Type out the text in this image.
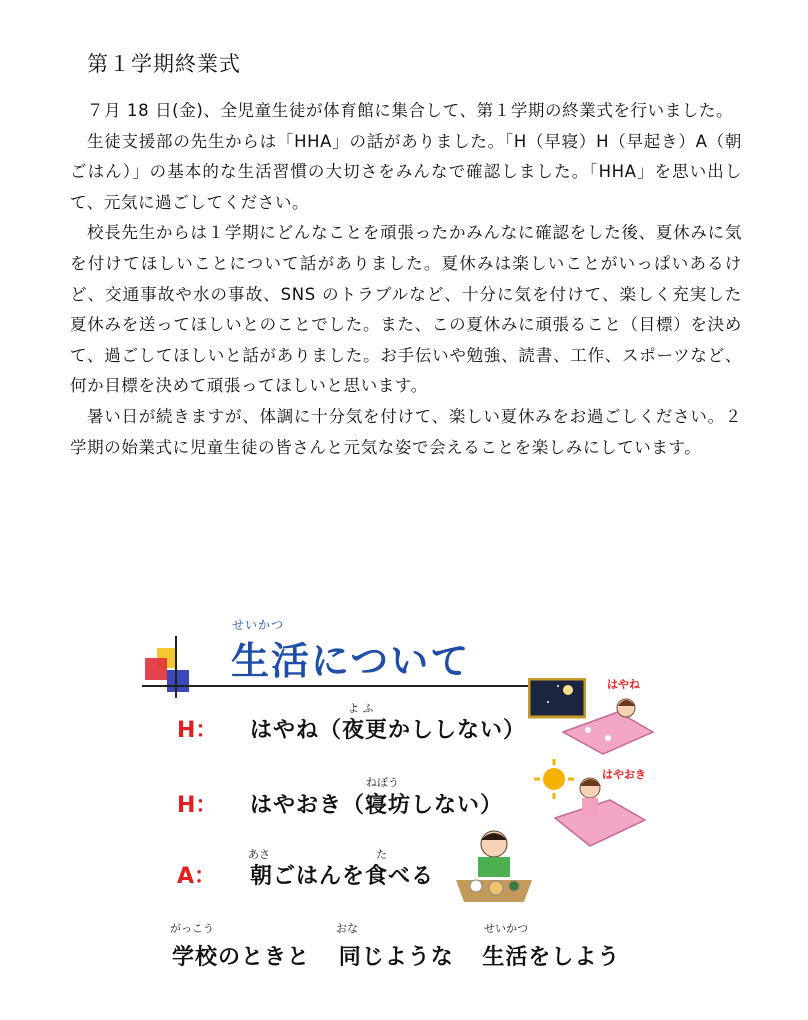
第１学期終業式

７月 18 日(金)、全児童生徒が体育館に集合して、第１学期の終業式を行いました。

生徒支援部の先生からは「HHA」の話がありました。「H（早寝）H（早起き）A（朝ごはん）」の基本的な生活習慣の大切さをみんなで確認しました。「HHA」を思い出して、元気に過ごしてください。

校長先生からは１学期にどんなことを頑張ったかみんなに確認をした後、夏休みに気を付けてほしいことについて話がありました。夏休みは楽しいことがいっぱいあるけど、交通事故や水の事故、SNS のトラブルなど、十分に気を付けて、楽しく充実した夏休みを送ってほしいとのことでした。また、この夏休みに頑張ること（目標）を決めて、過ごしてほしいと話がありました。お手伝いや勉強、読書、工作、スポーツなど、何か目標を決めて頑張ってほしいと思います。

暑い日が続きますが、体調に十分気を付けて、楽しい夏休みをお過ごしください。２学期の始業式に児童生徒の皆さんと元気な姿で会えることを楽しみにしています。

せいかつ
生活について
はやね
H：
よ ふ
はやね（夜更かししない）
はやおき
H：
ねぼう
はやおき（寝坊しない）
A：
あさ	た
朝ごはんを食べる
がっこう	おな	せいかつ
学校のときと 同じような 生活をしよう
